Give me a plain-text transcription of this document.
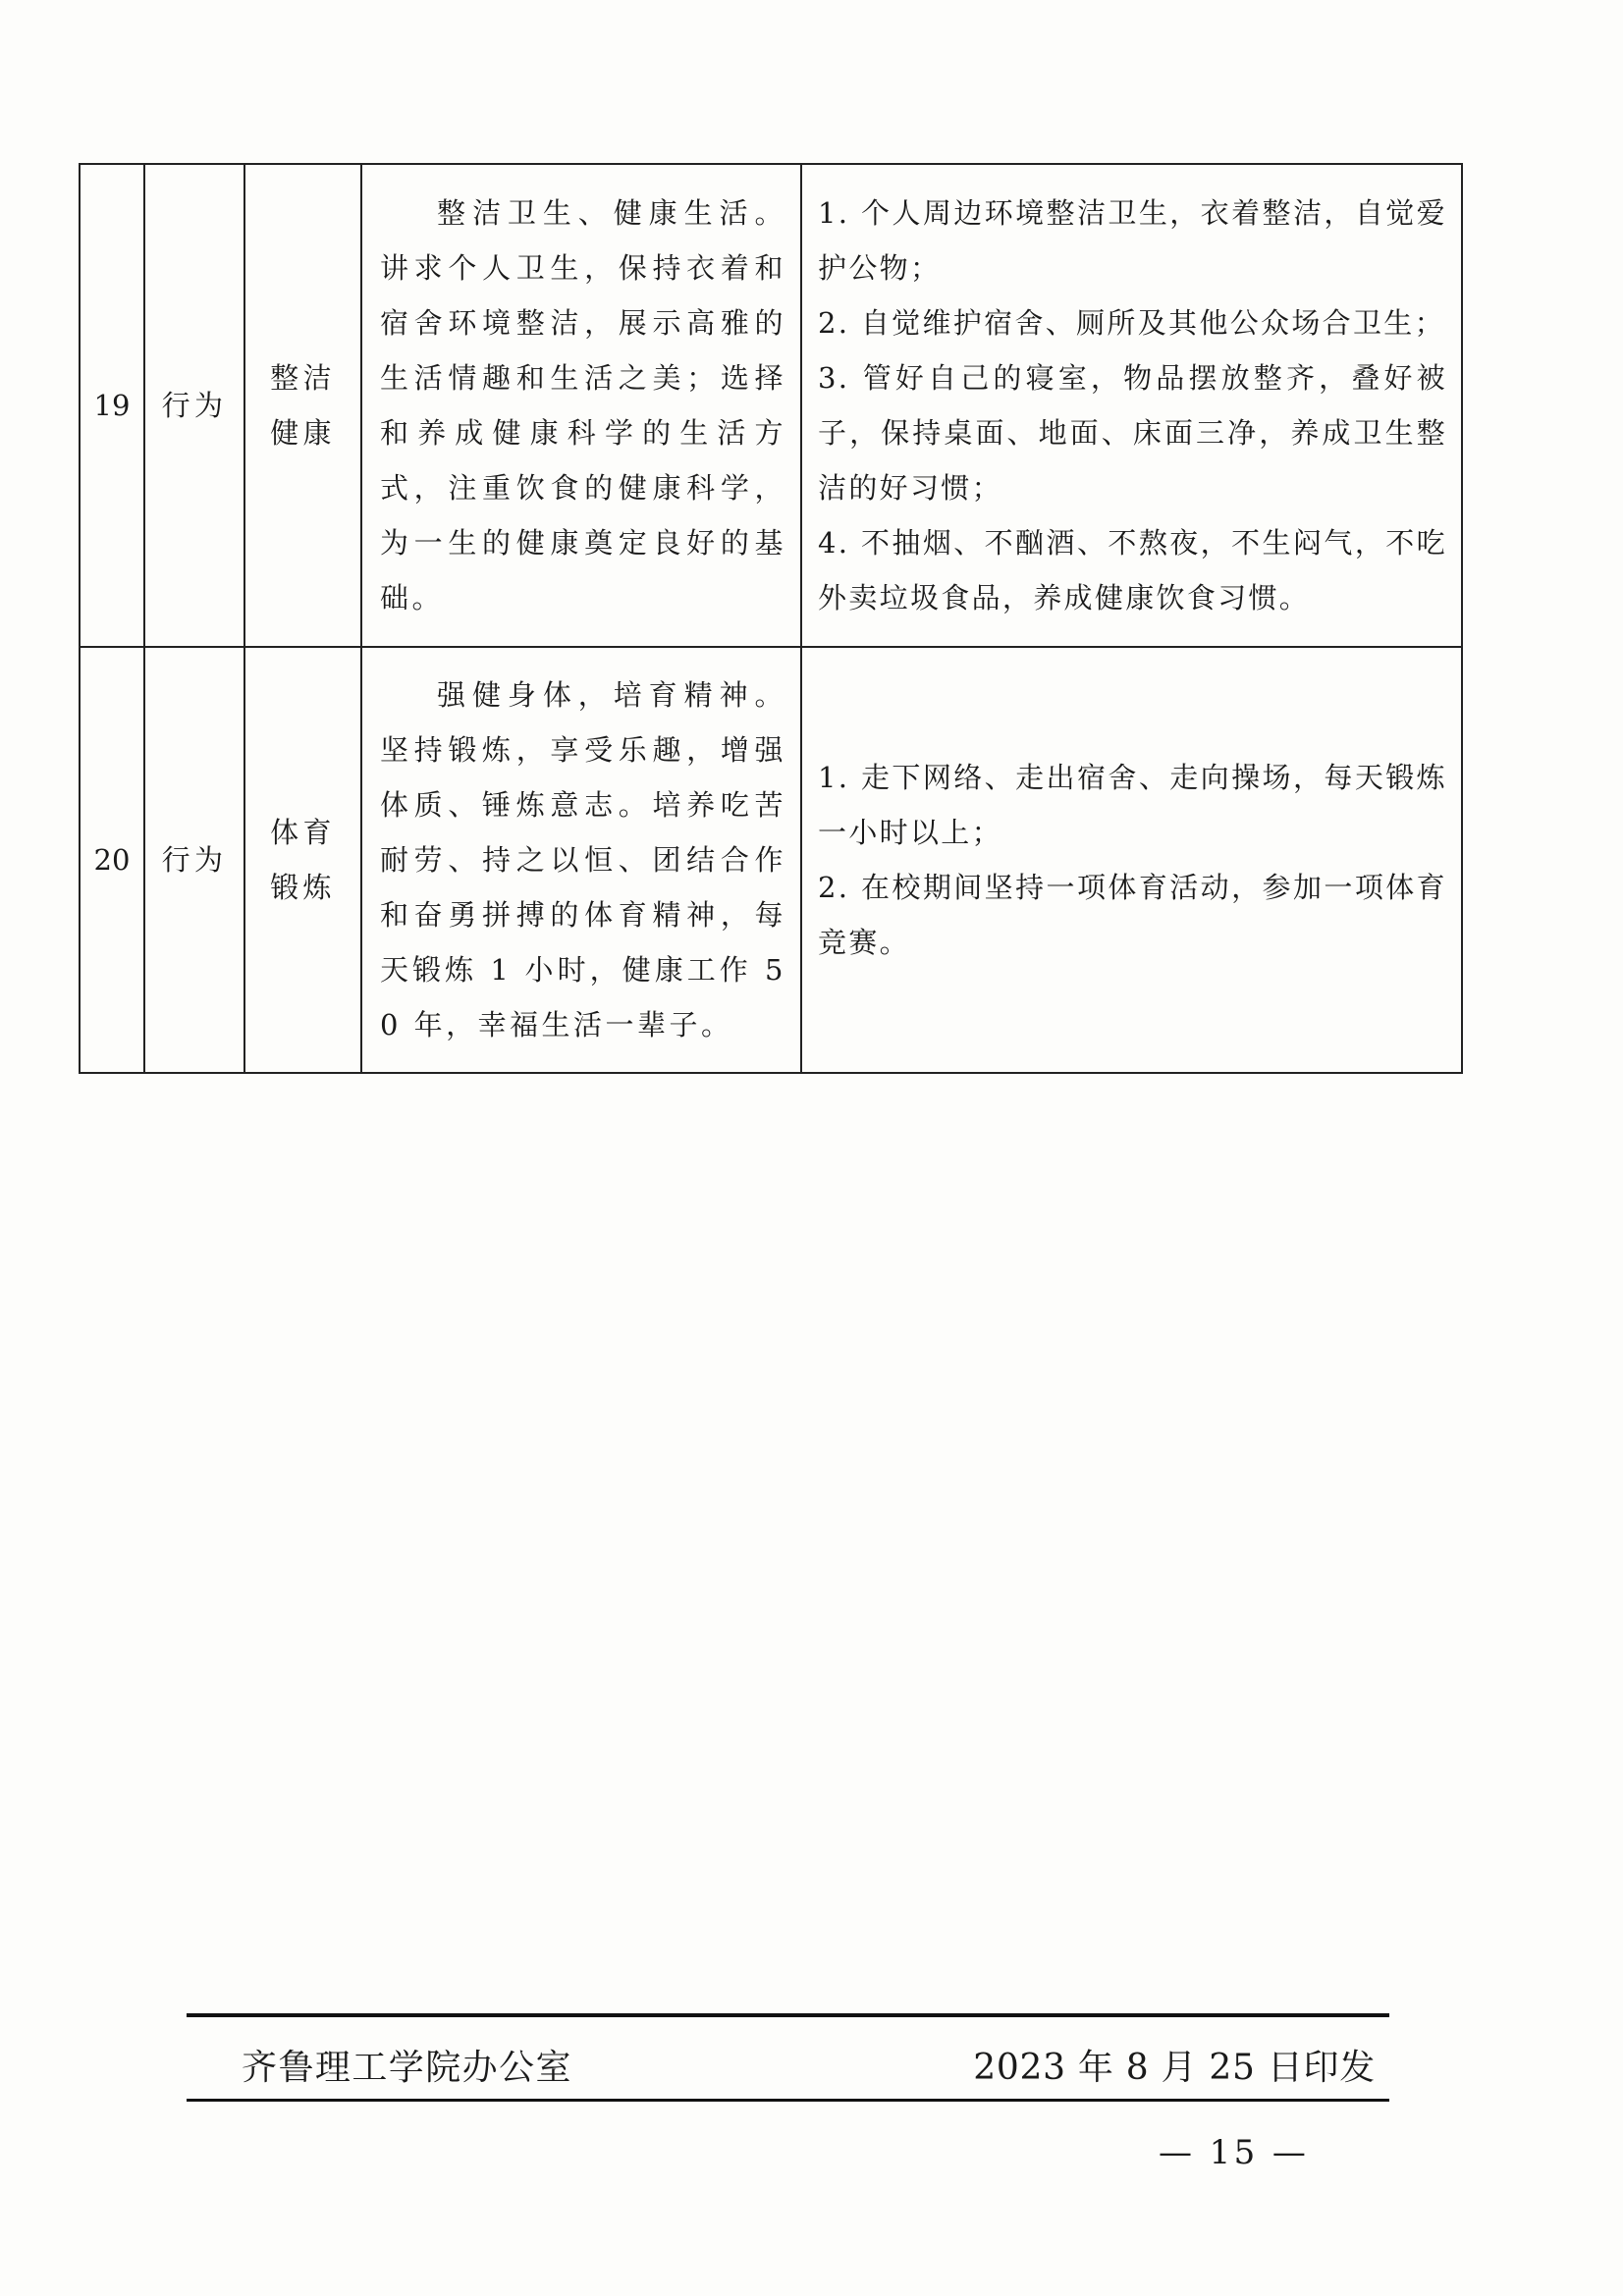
19	行为	整洁健康	整洁卫生、健康生活。讲求个人卫生，保持衣着和宿舍环境整洁，展示高雅的生活情趣和生活之美；选择和养成健康科学的生活方式，注重饮食的健康科学，为一生的健康奠定良好的基础。	1. 个人周边环境整洁卫生，衣着整洁，自觉爱护公物；

2. 自觉维护宿舍、厕所及其他公众场合卫生；

3. 管好自己的寝室，物品摆放整齐，叠好被子，保持桌面、地面、床面三净，养成卫生整洁的好习惯；

4. 不抽烟、不酗酒、不熬夜，不生闷气，不吃外卖垃圾食品，养成健康饮食习惯。

20	行为	体育锻炼	强健身体，培育精神。坚持锻炼，享受乐趣，增强体质、锤炼意志。培养吃苦耐劳、持之以恒、团结合作和奋勇拼搏的体育精神，每天锻炼 1 小时，健康工作 50 年，幸福生活一辈子。	1. 走下网络、走出宿舍、走向操场，每天锻炼一小时以上；

2. 在校期间坚持一项体育活动，参加一项体育竞赛。

齐鲁理工学院办公室	2023 年 8 月 25 日印发
— 15 —
